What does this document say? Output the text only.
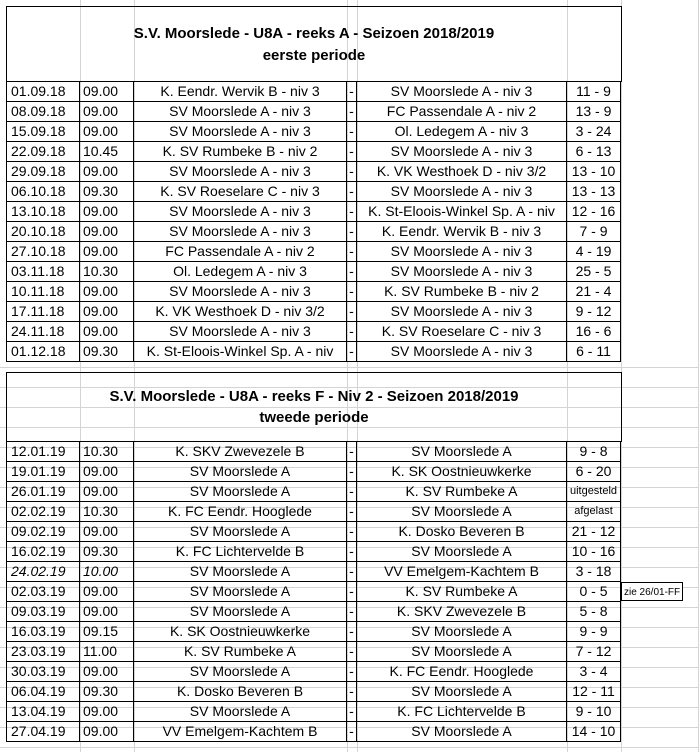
S.V. Moorslede - U8A - reeks A - Seizoen 2018/2019
eerste periode
01.09.18	09.00	K. Eendr. Wervik B - niv 3	-	SV Moorslede A - niv 3	11 - 9
08.09.18	09.00	SV Moorslede A - niv 3	-	FC Passendale A - niv 2	13 - 9
15.09.18	09.00	SV Moorslede A - niv 3	-	Ol. Ledegem A - niv 3	3 - 24
22.09.18	10.45	K. SV Rumbeke B - niv 2	-	SV Moorslede A - niv 3	6 - 13
29.09.18	09.00	SV Moorslede A - niv 3	-	K. VK Westhoek D - niv 3/2	13 - 10
06.10.18	09.30	K. SV Roeselare C - niv 3	-	SV Moorslede A - niv 3	13 - 13
13.10.18	09.00	SV Moorslede A - niv 3	-	K. St-Eloois-Winkel Sp. A - niv	12 - 16
20.10.18	09.00	SV Moorslede A - niv 3	-	K. Eendr. Wervik B - niv 3	7 - 9
27.10.18	09.00	FC Passendale A - niv 2	-	SV Moorslede A - niv 3	4 - 19
03.11.18	10.30	Ol. Ledegem A - niv 3	-	SV Moorslede A - niv 3	25 - 5
10.11.18	09.00	SV Moorslede A - niv 3	-	K. SV Rumbeke B - niv 2	21 - 4
17.11.18	09.00	K. VK Westhoek D - niv 3/2	-	SV Moorslede A - niv 3	9 - 12
24.11.18	09.00	SV Moorslede A - niv 3	-	K. SV Roeselare C - niv 3	16 - 6
01.12.18	09.30	K. St-Eloois-Winkel Sp. A - niv	-	SV Moorslede A - niv 3	6 - 11
S.V. Moorslede - U8A - reeks F - Niv 2 - Seizoen 2018/2019
tweede periode
12.01.19	10.30	K. SKV Zwevezele B	-	SV Moorslede A	9 - 8
19.01.19	09.00	SV Moorslede A	-	K. SK Oostnieuwkerke	6 - 20
26.01.19	09.00	SV Moorslede A	-	K. SV Rumbeke A	uitgesteld
02.02.19	10.30	K. FC Eendr. Hooglede	-	SV Moorslede A	afgelast
09.02.19	09.00	SV Moorslede A	-	K. Dosko Beveren B	21 - 12
16.02.19	09.30	K. FC Lichtervelde B	-	SV Moorslede A	10 - 16
24.02.19	10.00	SV Moorslede A	-	VV Emelgem-Kachtem B	3 - 18
02.03.19	09.00	SV Moorslede A	-	K. SV Rumbeke A	0 - 5	zie 26/01-FF
09.03.19	09.00	SV Moorslede A	-	K. SKV Zwevezele B	5 - 8
16.03.19	09.15	K. SK Oostnieuwkerke	-	SV Moorslede A	9 - 9
23.03.19	11.00	K. SV Rumbeke A	-	SV Moorslede A	7 - 12
30.03.19	09.00	SV Moorslede A	-	K. FC Eendr. Hooglede	3 - 4
06.04.19	09.30	K. Dosko Beveren B	-	SV Moorslede A	12 - 11
13.04.19	09.00	SV Moorslede A	-	K. FC Lichtervelde B	9 - 10
27.04.19	09.00	VV Emelgem-Kachtem B	-	SV Moorslede A	14 - 10
